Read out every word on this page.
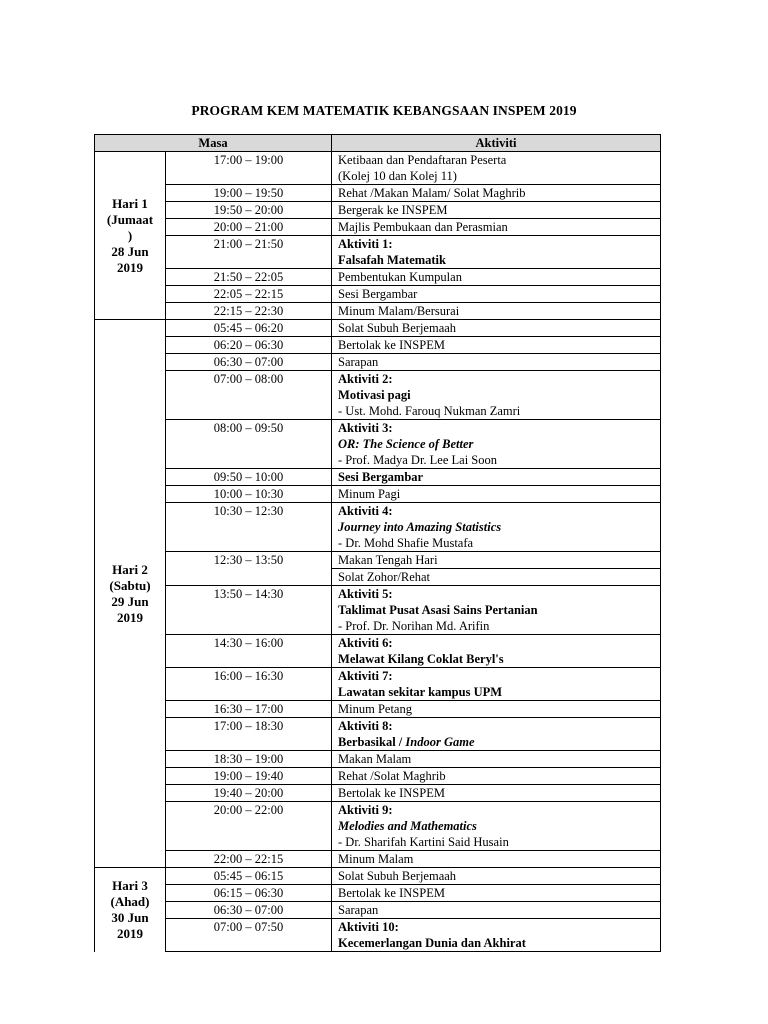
PROGRAM KEM MATEMATIK KEBANGSAAN INSPEM 2019
Masa		Aktiviti

Hari 1
(Jumaat
)
28 Jun
2019	17:00 – 19:00	Ketibaan dan Pendaftaran Peserta
(Kolej 10 dan Kolej 11)

	19:00 – 19:50	Rehat /Makan Malam/ Solat Maghrib

	19:50 – 20:00	Bergerak ke INSPEM

	20:00 – 21:00	Majlis Pembukaan dan Perasmian

	21:00 – 21:50	Aktiviti 1:
Falsafah Matematik

	21:50 – 22:05	Pembentukan Kumpulan

	22:05 – 22:15	Sesi Bergambar

	22:15 – 22:30	Minum Malam/Bersurai

Hari 2
(Sabtu)
29 Jun
2019	05:45 – 06:20	Solat Subuh Berjemaah

	06:20 – 06:30	Bertolak ke INSPEM

	06:30 – 07:00	Sarapan

	07:00 – 08:00	Aktiviti 2:
Motivasi pagi
- Ust. Mohd. Farouq Nukman Zamri

	08:00 – 09:50	Aktiviti 3:
OR: The Science of Better
- Prof. Madya Dr. Lee Lai Soon

	09:50 – 10:00	Sesi Bergambar

	10:00 – 10:30	Minum Pagi

	10:30 – 12:30	Aktiviti 4:
Journey into Amazing Statistics
- Dr. Mohd Shafie Mustafa

	12:30 – 13:50	Makan Tengah Hari

		Solat Zohor/Rehat

	13:50 – 14:30	Aktiviti 5:
Taklimat Pusat Asasi Sains Pertanian
- Prof. Dr. Norihan Md. Arifin

	14:30 – 16:00	Aktiviti 6:
Melawat Kilang Coklat Beryl's

	16:00 – 16:30	Aktiviti 7:
Lawatan sekitar kampus UPM

	16:30 – 17:00	Minum Petang

	17:00 – 18:30	Aktiviti 8:
Berbasikal / Indoor Game

	18:30 – 19:00	Makan Malam

	19:00 – 19:40	Rehat /Solat Maghrib

	19:40 – 20:00	Bertolak ke INSPEM

	20:00 – 22:00	Aktiviti 9:
Melodies and Mathematics
- Dr. Sharifah Kartini Said Husain

	22:00 – 22:15	Minum Malam

Hari 3
(Ahad)
30 Jun
2019	05:45 – 06:15	Solat Subuh Berjemaah

	06:15 – 06:30	Bertolak ke INSPEM

	06:30 – 07:00	Sarapan

	07:00 – 07:50	Aktiviti 10:
Kecemerlangan Dunia dan Akhirat
